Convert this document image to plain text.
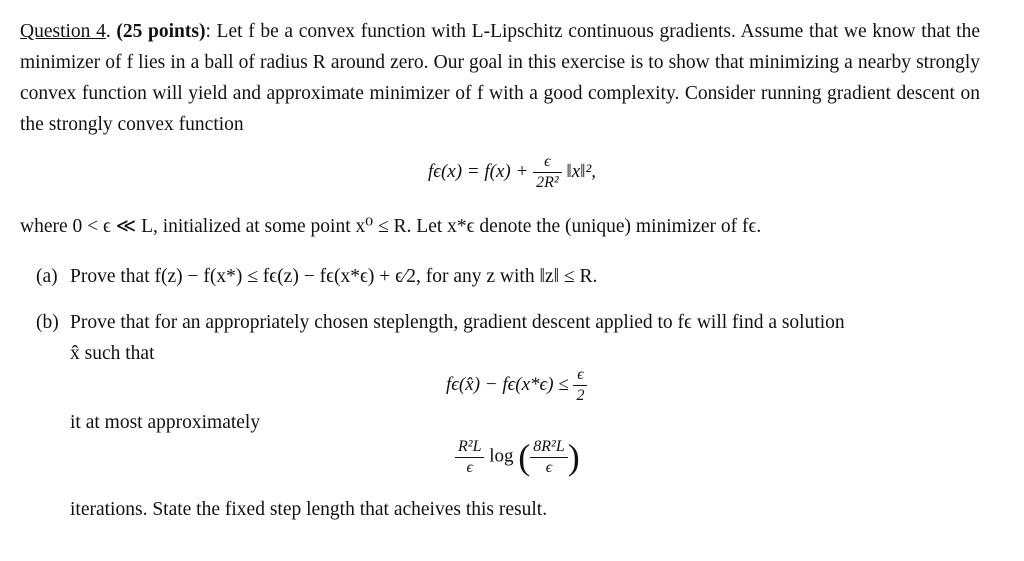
Question 4. (25 points): Let f be a convex function with L-Lipschitz continuous gradients. Assume that we know that the minimizer of f lies in a ball of radius R around zero. Our goal in this exercise is to show that minimizing a nearby strongly convex function will yield and approximate minimizer of f with a good complexity. Consider running gradient descent on the strongly convex function
$f\epsilon(x) = f(x) + \frac{\epsilon}{\text{2R²}}$ ‖x‖²,
where 0 < ϵ ≪ L, initialized at some point x⁰ ≤ R. Let x*ϵ denote the (unique) minimizer of fϵ.
(a) Prove that f(z) − f(x*) ≤ fϵ(z) − fϵ(x*ϵ) + ϵ⁄2, for any z with ‖z‖ ≤ R.
(b) Prove that for an appropriately chosen steplength, gradient descent applied to fϵ will find a solution
x̂ such that
fϵ(x̂) − $f\epsilon(x*\epsilon) \le \frac{\epsilon}{2}$
it at most approximately
$\frac{\text{R²L}}{\epsilon}$ log ( $\frac{\text{8R²L}}{\epsilon}$ )
iterations. State the fixed step length that acheives this result.
